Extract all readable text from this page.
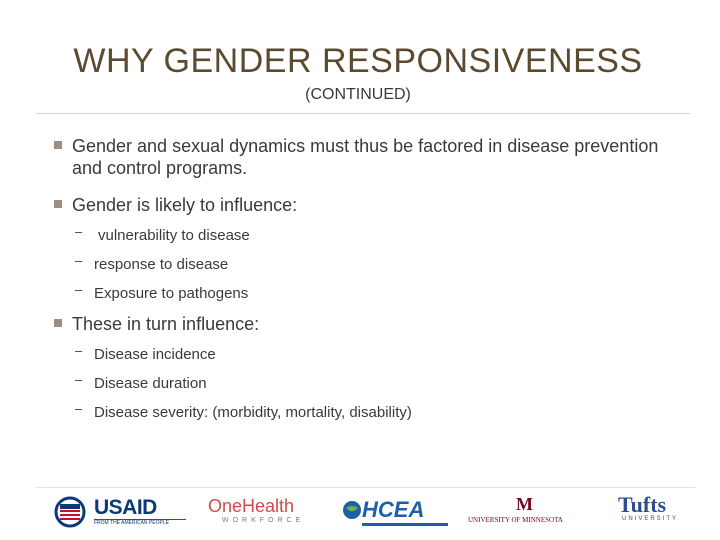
WHY GENDER RESPONSIVENESS
(CONTINUED)
Gender and sexual dynamics must thus be factored in disease prevention and control programs.
Gender is likely to influence:
– vulnerability to disease
– response to disease
– Exposure to pathogens
These in turn influence:
– Disease incidence
– Disease duration
– Disease severity: (morbidity, mortality, disability)
USAID
FROM THE AMERICAN PEOPLE
OneHealth
WORKFORCE	HCEA	M
UNIVERSITY OF MINNESOTA
Tufts
UNIVERSITY
